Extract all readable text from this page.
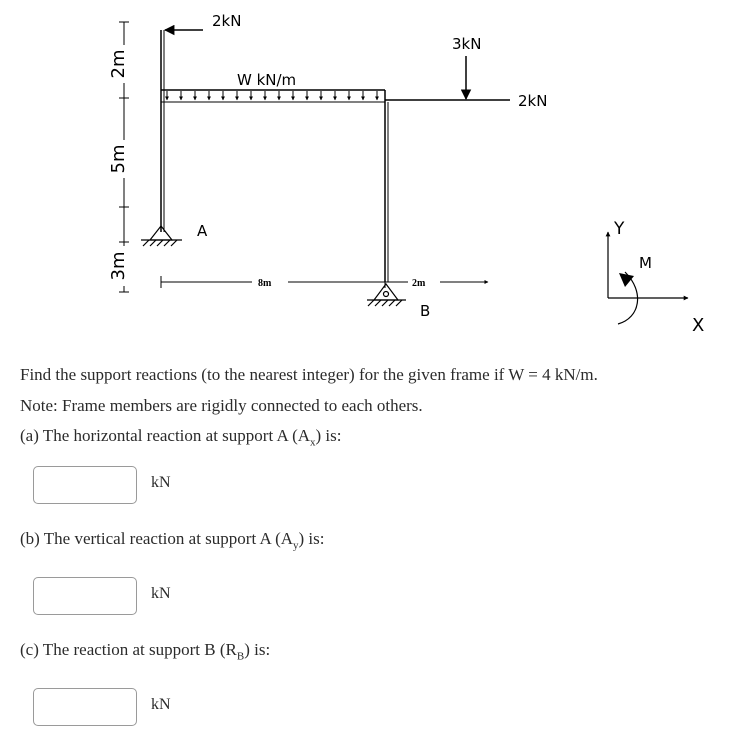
W kN/m
2kN
3kN
2kN
A
B
2m
5m
3m
8m	2m
Y
X
M
Find the support reactions (to the nearest integer) for the given frame if W = 4 kN/m.
Note: Frame members are rigidly connected to each others.
(a) The horizontal reaction at support A $(A_x)$ is:
kN
(b) The vertical reaction at support A $(A_y)$ is:
kN
(c) The reaction at support B $(R_B)$ is:
kN
